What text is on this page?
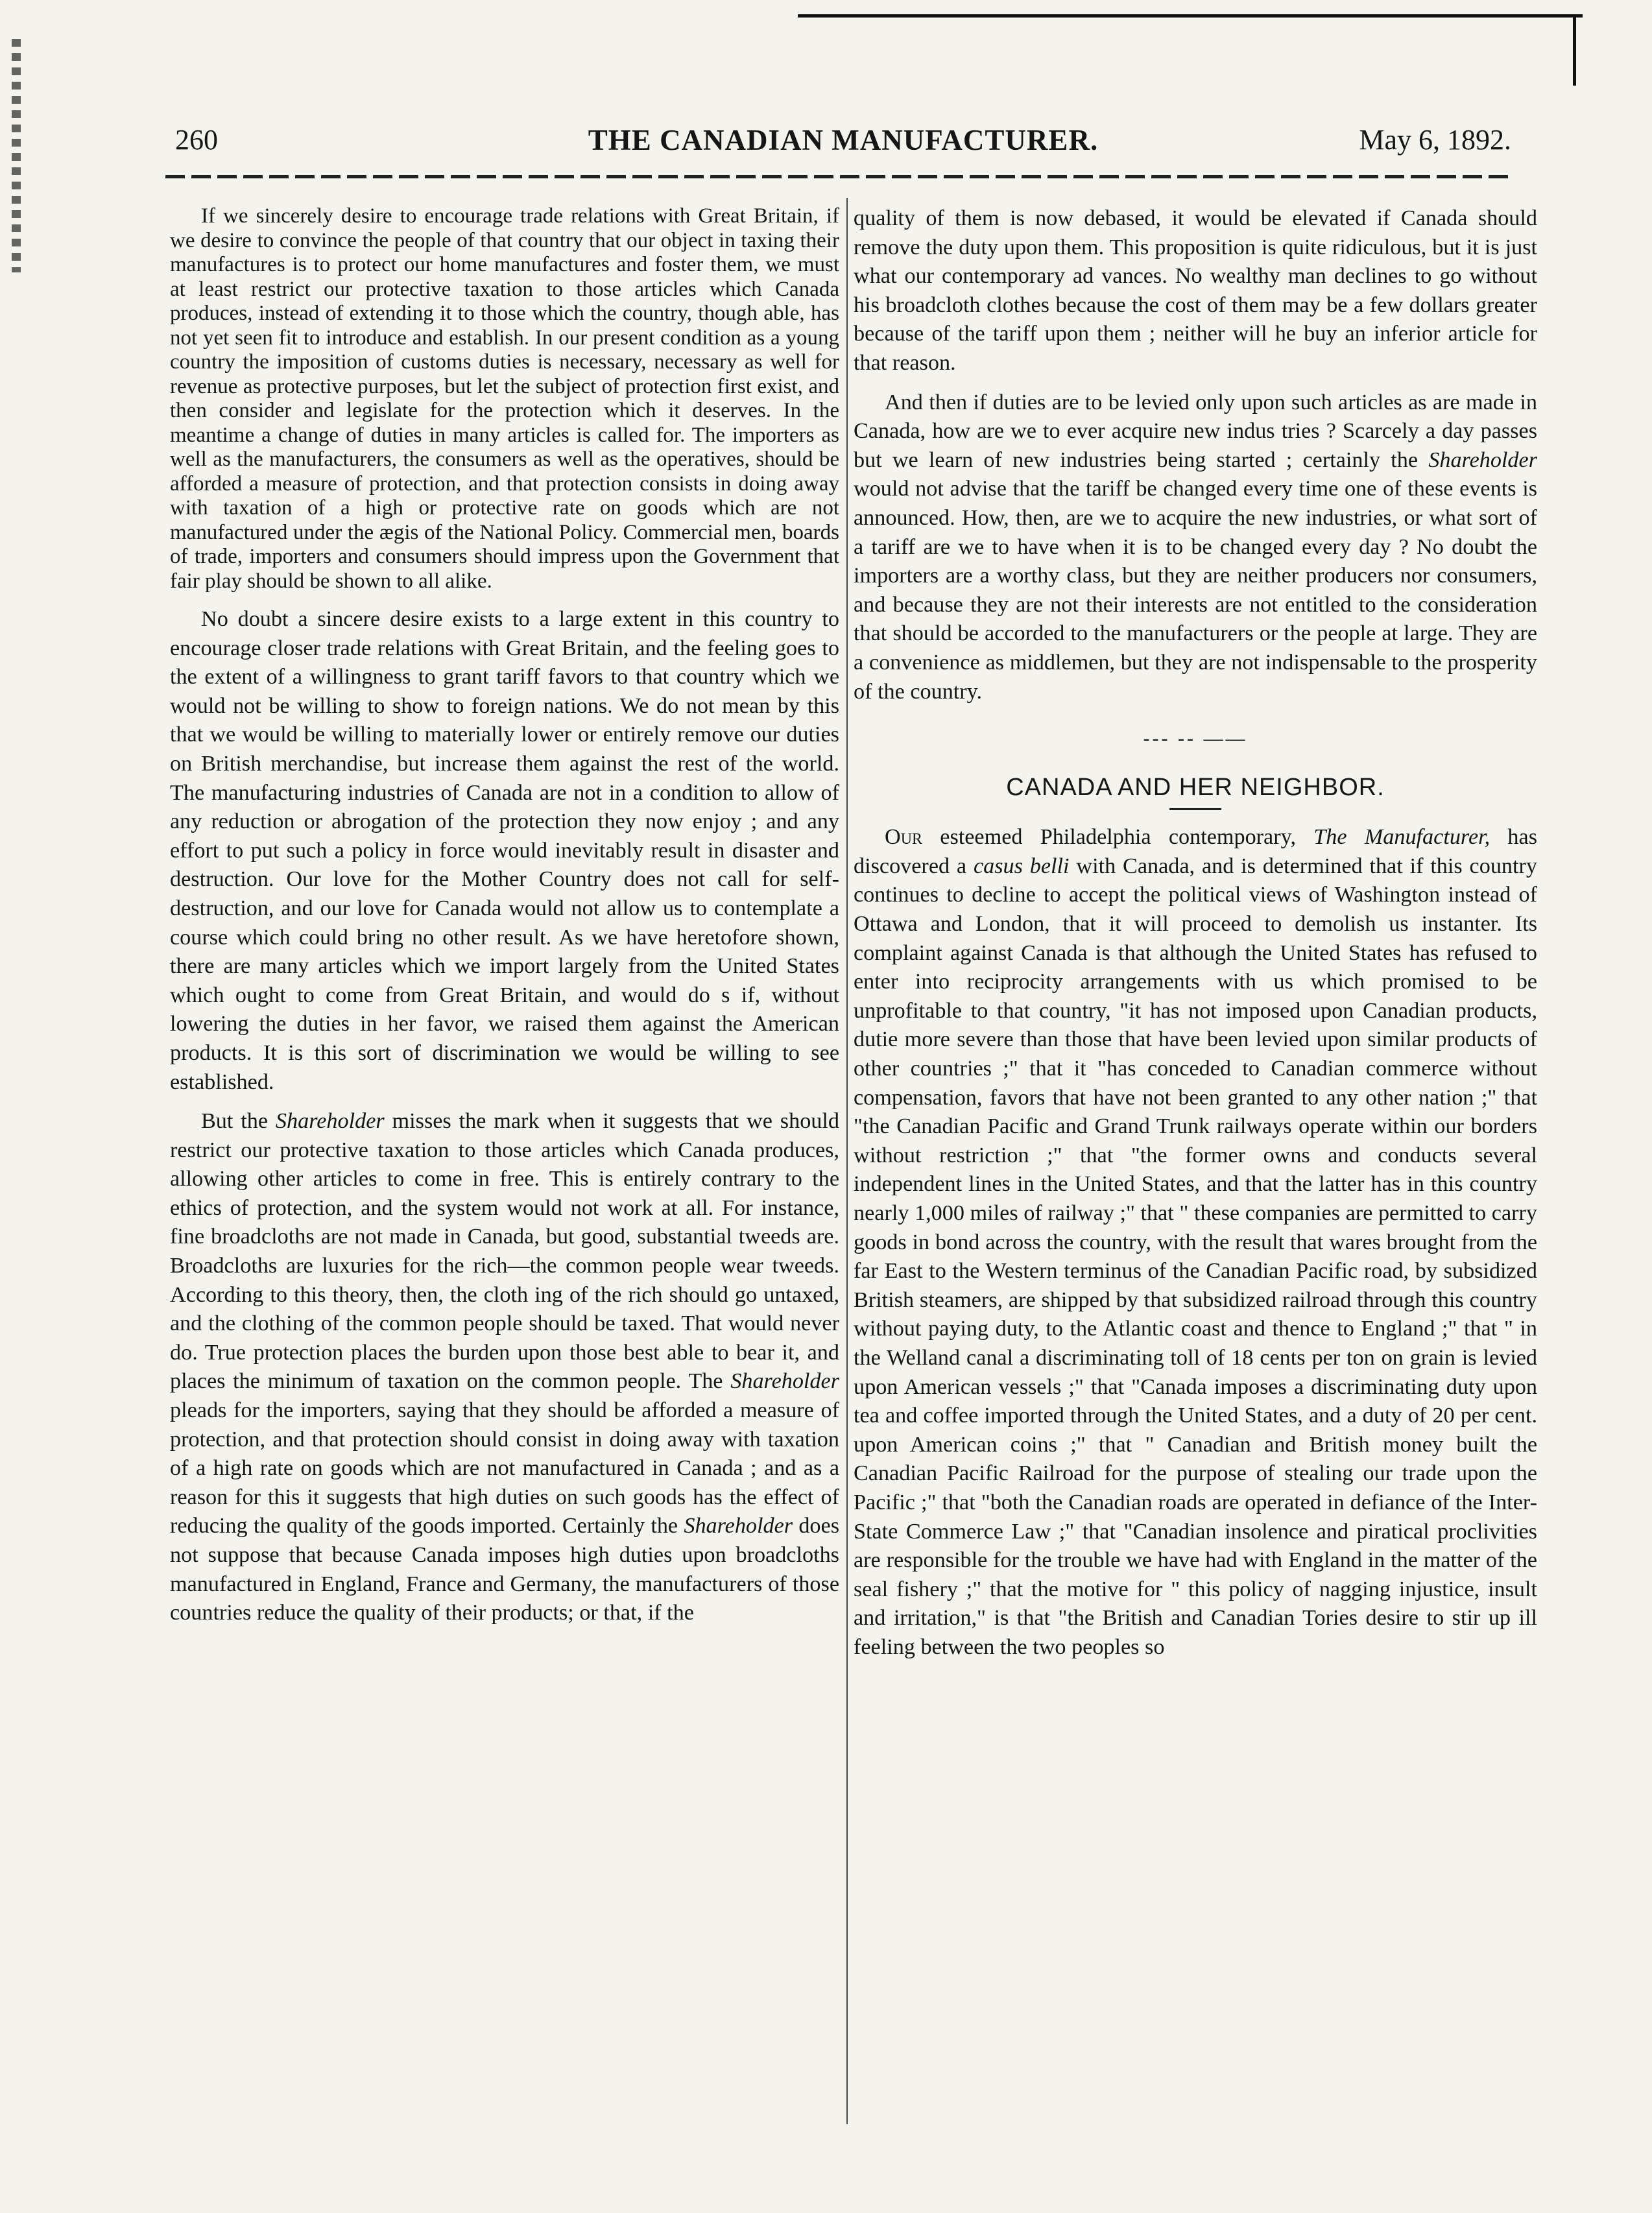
260	THE CANADIAN MANUFACTURER.	May 6, 1892.

If we sincerely desire to encourage trade relations with Great Britain, if we desire to convince the people of that country that our object in taxing their manufactures is to protect our home manufactures and foster them, we must at least restrict our protective taxation to those articles which Canada produces, instead of extending it to those which the country, though able, has not yet seen fit to introduce and establish. In our present condition as a young country the imposition of customs duties is necessary, necessary as well for revenue as protective purposes, but let the subject of protection first exist, and then consider and legislate for the protection which it deserves. In the meantime a change of duties in many articles is called for. The importers as well as the manufacturers, the consumers as well as the operatives, should be afforded a measure of protection, and that protection consists in doing away with taxation of a high or protective rate on goods which are not manufactured under the ægis of the National Policy. Commercial men, boards of trade, importers and consumers should impress upon the Government that fair play should be shown to all alike.

No doubt a sincere desire exists to a large extent in this country to encourage closer trade relations with Great Britain, and the feeling goes to the extent of a willingness to grant tariff favors to that country which we would not be willing to show to foreign nations. We do not mean by this that we would be willing to materially lower or entirely remove our duties on British merchandise, but increase them against the rest of the world. The manufacturing industries of Canada are not in a condition to allow of any reduction or abrogation of the protection they now enjoy ; and any effort to put such a policy in force would inevitably result in disaster and destruction. Our love for the Mother Country does not call for self-destruction, and our love for Canada would not allow us to contemplate a course which could bring no other result. As we have heretofore shown, there are many articles which we import largely from the United States which ought to come from Great Britain, and would do s if, without lowering the duties in her favor, we raised them against the American products. It is this sort of discrimination we would be willing to see established.

But the Shareholder misses the mark when it suggests that we should restrict our protective taxation to those articles which Canada produces, allowing other articles to come in free. This is entirely contrary to the ethics of protection, and the system would not work at all. For instance, fine broadcloths are not made in Canada, but good, substantial tweeds are. Broadcloths are luxuries for the rich—the common people wear tweeds. According to this theory, then, the cloth ing of the rich should go untaxed, and the clothing of the common people should be taxed. That would never do. True protection places the burden upon those best able to bear it, and places the minimum of taxation on the common people. The Shareholder pleads for the importers, saying that they should be afforded a measure of protection, and that protection should consist in doing away with taxation of a high rate on goods which are not manufactured in Canada ; and as a reason for this it suggests that high duties on such goods has the effect of reducing the quality of the goods imported. Certainly the Shareholder does not suppose that because Canada imposes high duties upon broadcloths manufactured in England, France and Germany, the manufacturers of those countries reduce the quality of their products; or that, if the

quality of them is now debased, it would be elevated if Canada should remove the duty upon them. This proposition is quite ridiculous, but it is just what our contemporary ad vances. No wealthy man declines to go without his broadcloth clothes because the cost of them may be a few dollars greater because of the tariff upon them ; neither will he buy an inferior article for that reason.

And then if duties are to be levied only upon such articles as are made in Canada, how are we to ever acquire new indus tries ? Scarcely a day passes but we learn of new industries being started ; certainly the Shareholder would not advise that the tariff be changed every time one of these events is announced. How, then, are we to acquire the new industries, or what sort of a tariff are we to have when it is to be changed every day ? No doubt the importers are a worthy class, but they are neither producers nor consumers, and because they are not their interests are not entitled to the consideration that should be accorded to the manufacturers or the people at large. They are a convenience as middlemen, but they are not indispensable to the prosperity of the country.

--- -- ——
CANADA AND HER NEIGHBOR.

Our esteemed Philadelphia contemporary, The Manufacturer, has discovered a casus belli with Canada, and is determined that if this country continues to decline to accept the political views of Washington instead of Ottawa and London, that it will proceed to demolish us instanter. Its complaint against Canada is that although the United States has refused to enter into reciprocity arrangements with us which promised to be unprofitable to that country, "it has not imposed upon Canadian products, dutie more severe than those that have been levied upon similar products of other countries ;" that it "has conceded to Canadian commerce without compensation, favors that have not been granted to any other nation ;" that "the Canadian Pacific and Grand Trunk railways operate within our borders without restriction ;" that "the former owns and conducts several independent lines in the United States, and that the latter has in this country nearly 1,000 miles of railway ;" that " these companies are permitted to carry goods in bond across the country, with the result that wares brought from the far East to the Western terminus of the Canadian Pacific road, by subsidized British steamers, are shipped by that subsidized railroad through this country without paying duty, to the Atlantic coast and thence to England ;" that " in the Welland canal a discriminating toll of 18 cents per ton on grain is levied upon American vessels ;" that "Canada imposes a discriminating duty upon tea and coffee imported through the United States, and a duty of 20 per cent. upon American coins ;" that " Canadian and British money built the Canadian Pacific Railroad for the purpose of stealing our trade upon the Pacific ;" that "both the Canadian roads are operated in defiance of the Inter-State Commerce Law ;" that "Canadian insolence and piratical proclivities are responsible for the trouble we have had with England in the matter of the seal fishery ;" that the motive for " this policy of nagging injustice, insult and irritation," is that "the British and Canadian Tories desire to stir up ill feeling between the two peoples so
